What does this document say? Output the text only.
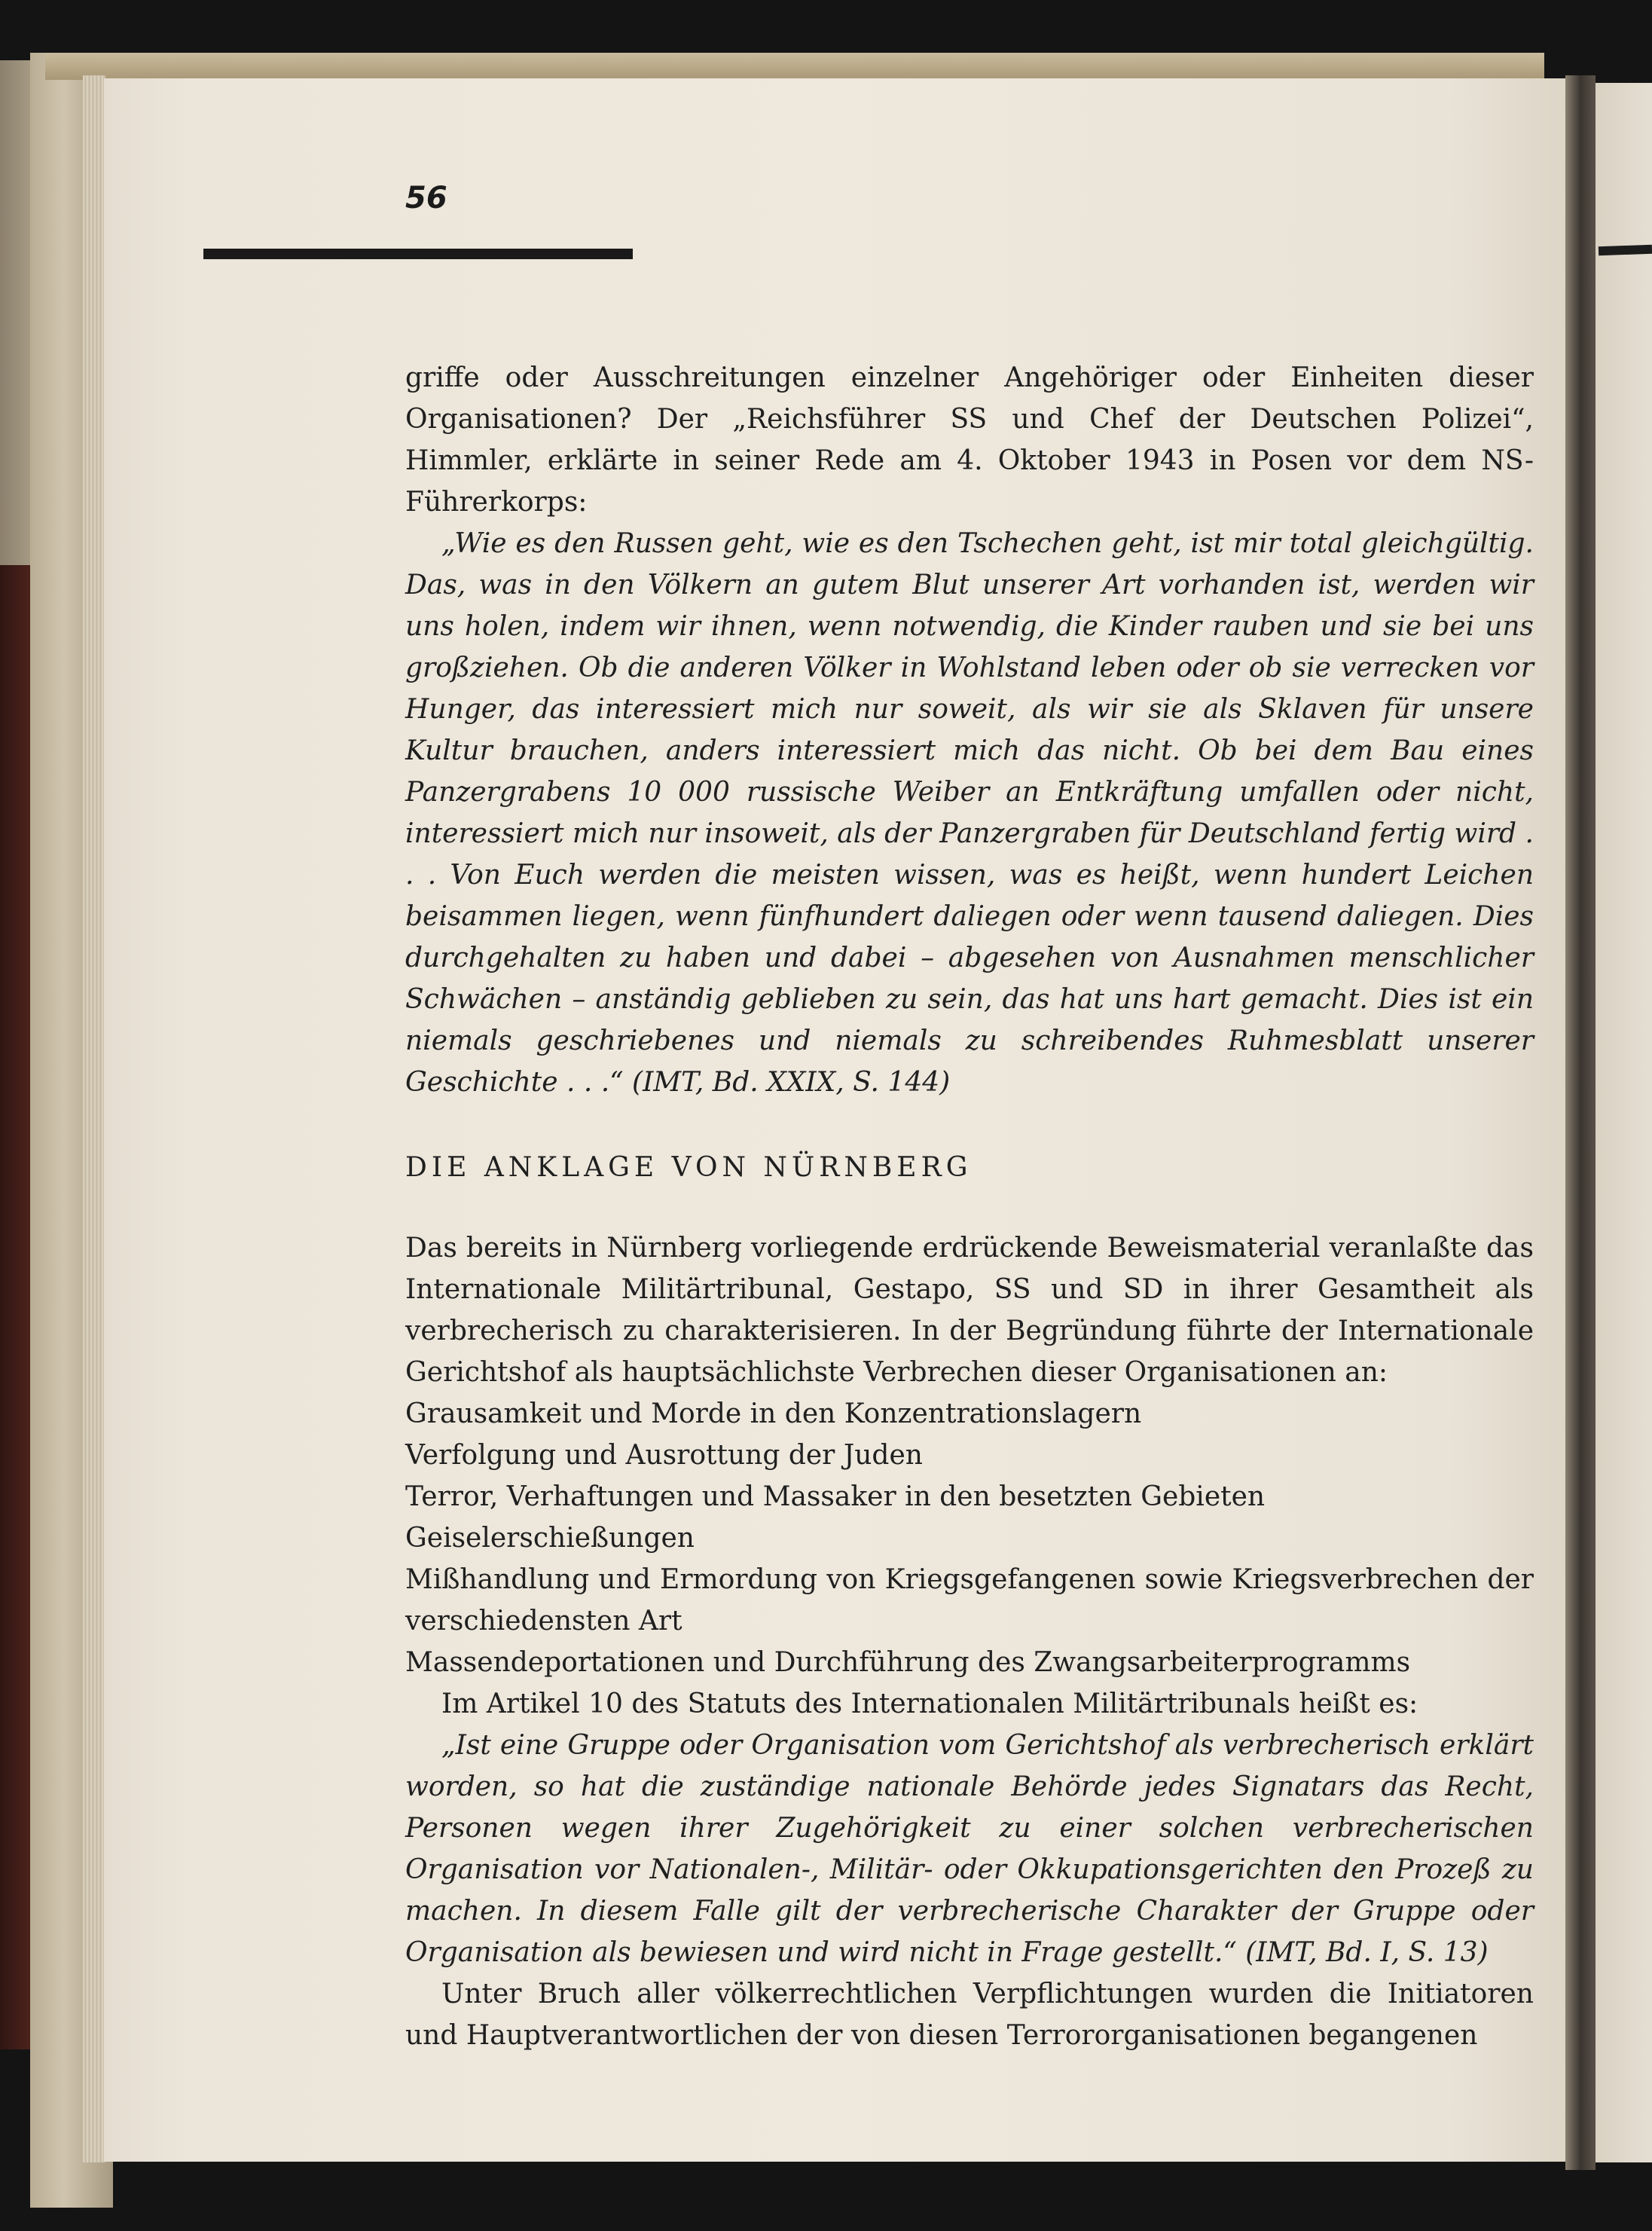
56

griffe oder Ausschreitungen einzelner Angehöriger oder Einheiten dieser Organisationen? Der „Reichsführer SS und Chef der Deutschen Polizei“, Himmler, erklärte in seiner Rede am 4. Oktober 1943 in Posen vor dem NS-Führerkorps:

„Wie es den Russen geht, wie es den Tschechen geht, ist mir total gleichgültig. Das, was in den Völkern an gutem Blut unserer Art vorhanden ist, werden wir uns holen, indem wir ihnen, wenn notwendig, die Kinder rauben und sie bei uns großziehen. Ob die anderen Völker in Wohlstand leben oder ob sie verrecken vor Hunger, das interessiert mich nur soweit, als wir sie als Sklaven für unsere Kultur brauchen, anders interessiert mich das nicht. Ob bei dem Bau eines Panzergrabens 10 000 russische Weiber an Entkräftung umfallen oder nicht, interessiert mich nur insoweit, als der Panzergraben für Deutschland fertig wird . . . Von Euch werden die meisten wissen, was es heißt, wenn hundert Leichen beisammen liegen, wenn fünfhundert daliegen oder wenn tausend daliegen. Dies durchgehalten zu haben und dabei – abgesehen von Ausnahmen menschlicher Schwächen – anständig geblieben zu sein, das hat uns hart gemacht. Dies ist ein niemals geschriebenes und niemals zu schreibendes Ruhmesblatt unserer Geschichte . . .“ (IMT, Bd. XXIX, S. 144)

DIE ANKLAGE VON NÜRNBERG

Das bereits in Nürnberg vorliegende erdrückende Beweismaterial veranlaßte das Internationale Militärtribunal, Gestapo, SS und SD in ihrer Gesamtheit als verbrecherisch zu charakterisieren. In der Begründung führte der Internationale Gerichtshof als hauptsächlichste Verbrechen dieser Organisationen an:

Grausamkeit und Morde in den Konzentrationslagern

Verfolgung und Ausrottung der Juden

Terror, Verhaftungen und Massaker in den besetzten Gebieten

Geiselerschießungen

Mißhandlung und Ermordung von Kriegsgefangenen sowie Kriegsverbrechen der verschiedensten Art

Massendeportationen und Durchführung des Zwangsarbeiterprogramms

Im Artikel 10 des Statuts des Internationalen Militärtribunals heißt es:

„Ist eine Gruppe oder Organisation vom Gerichtshof als verbrecherisch erklärt worden, so hat die zuständige nationale Behörde jedes Signatars das Recht, Personen wegen ihrer Zugehörigkeit zu einer solchen verbrecherischen Organisation vor Nationalen-, Militär- oder Okkupationsgerichten den Prozeß zu machen. In diesem Falle gilt der verbrecherische Charakter der Gruppe oder Organisation als bewiesen und wird nicht in Frage gestellt.“ (IMT, Bd. I, S. 13)

Unter Bruch aller völkerrechtlichen Verpflichtungen wurden die Initiatoren und Hauptverantwortlichen der von diesen Terrororganisationen begangenen
